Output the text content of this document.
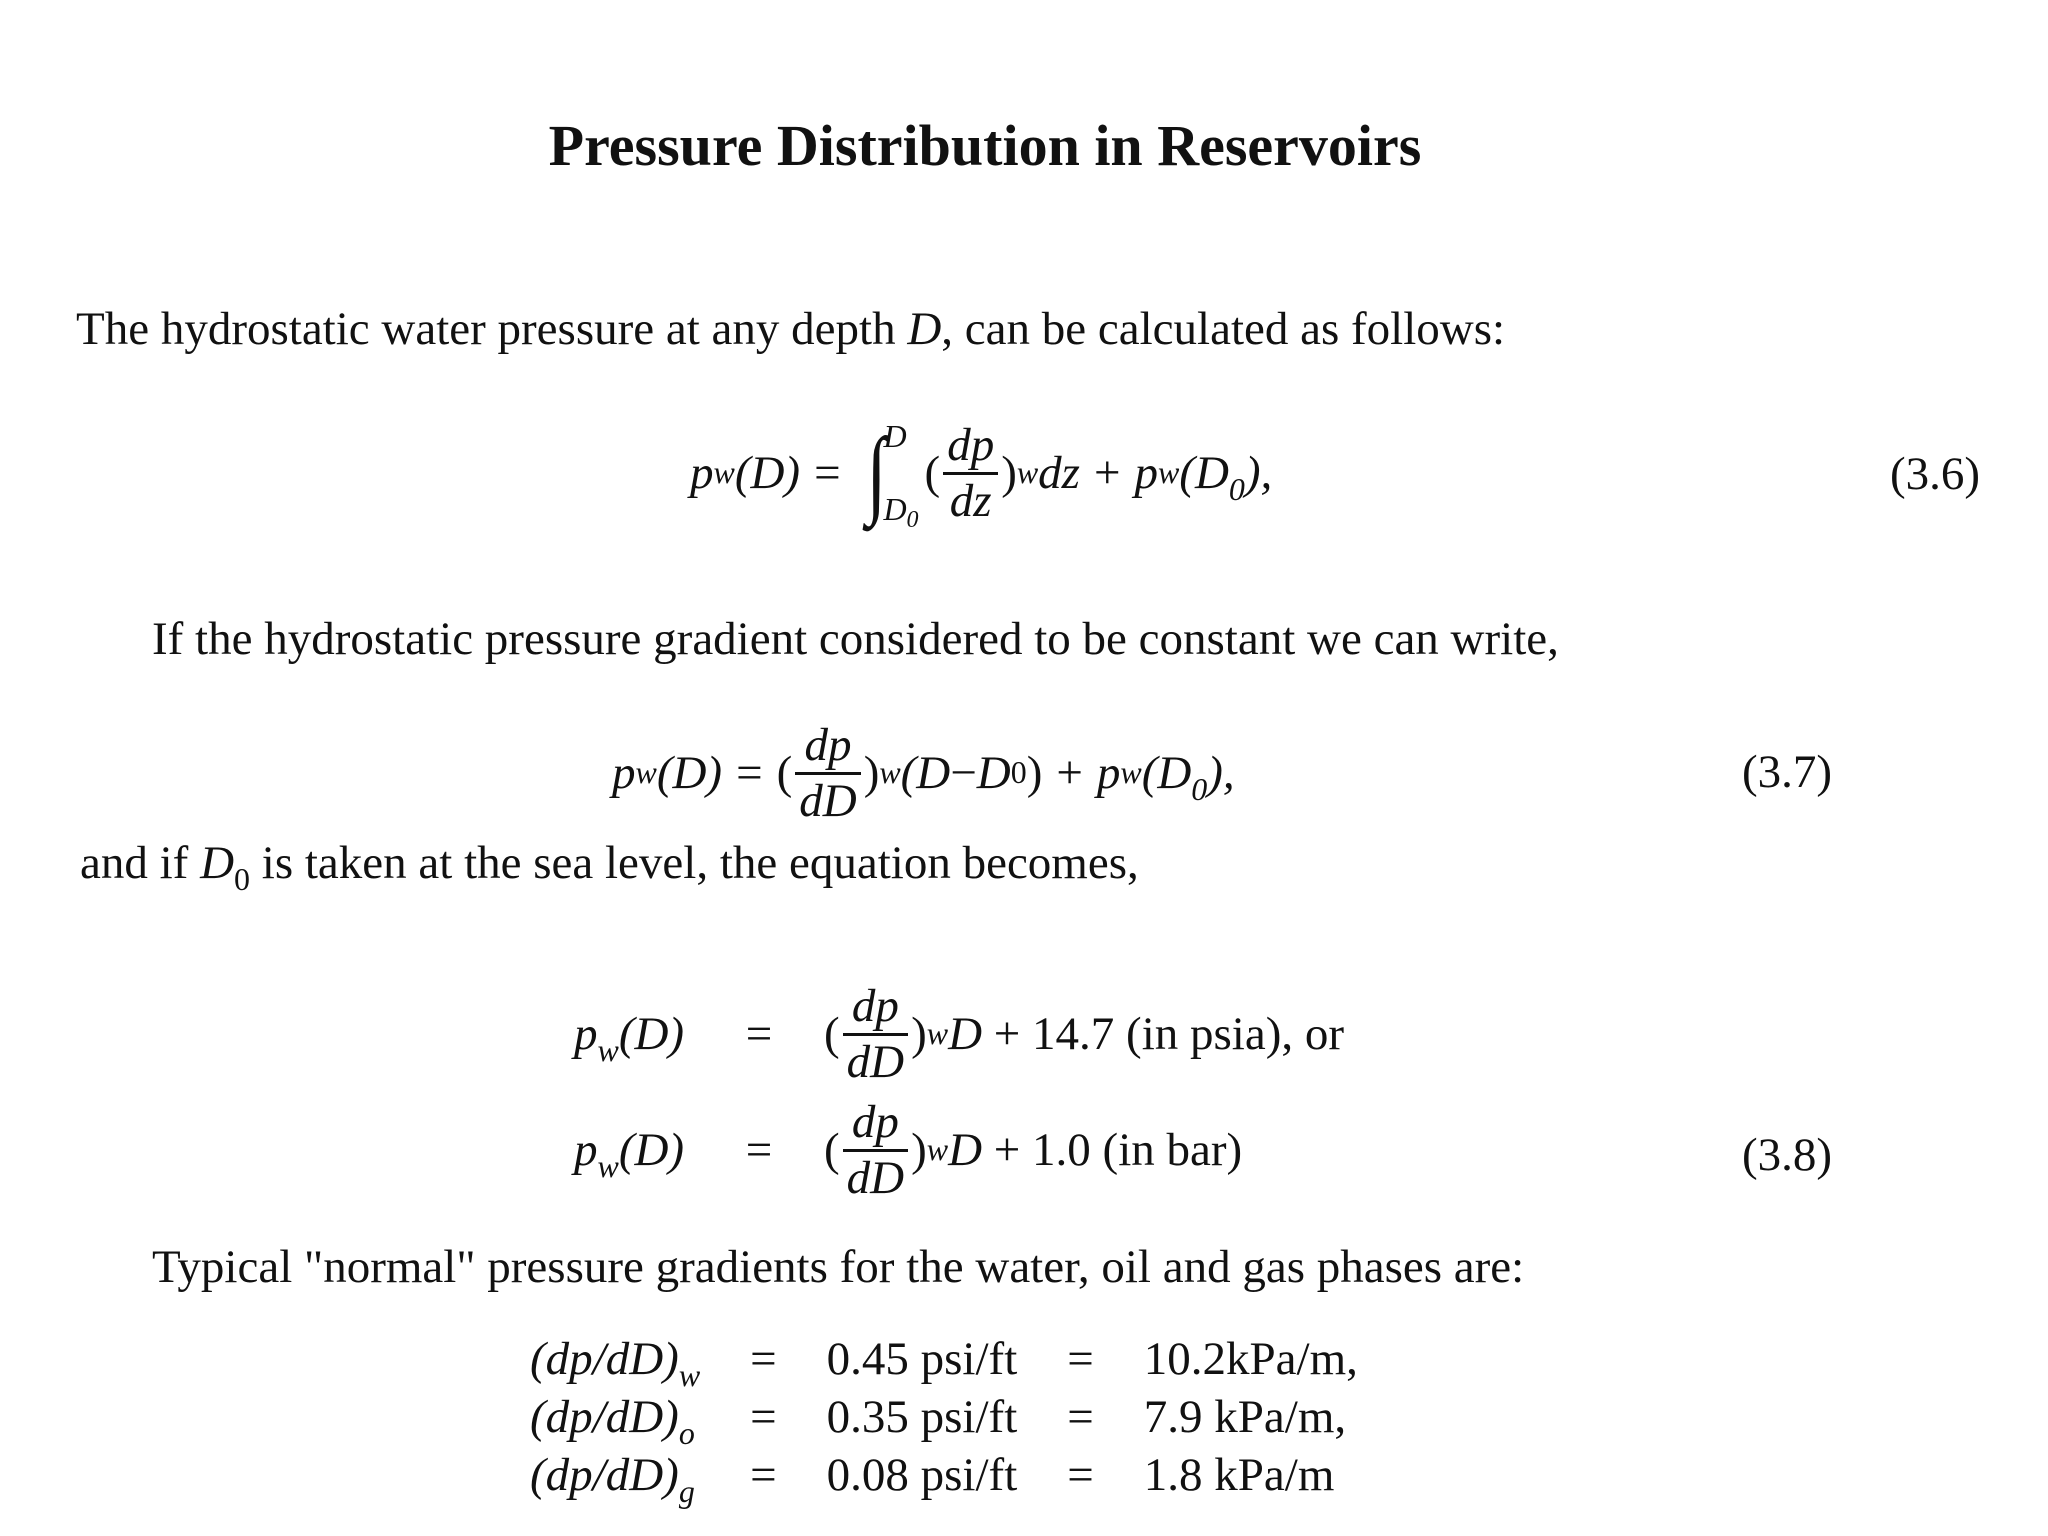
Pressure Distribution in Reservoirs
The hydrostatic water pressure at any depth D, can be calculated as follows:
p w (D) = ∫
D
$D_0$
( $\frac{dp}{dz}$ ) w dz + p w $(D_0)$,	(3.6)
If the hydrostatic pressure gradient considered to be constant we can write,
p w (D) = ( $\frac{dp}{dD}$ ) w (D − D 0 ) + p w $(D_0)$,	(3.7)
and if $D_0$ is taken at the sea level, the equation becomes,
$p_w(D)$	=	( $\frac{dp}{dD}$ ) w D + 14.7 (in psia), or
$p_w(D)$	=	( $\frac{dp}{dD}$ ) w D + 1.0 (in bar)	(3.8)
Typical "normal" pressure gradients for the water, oil and gas phases are:
$(dp/dD)_w$	=	0.45 psi/ft	=	10.2kPa/m,
$(dp/dD)_o$	=	0.35 psi/ft	=	7.9 kPa/m,
$(dp/dD)_g$	=	0.08 psi/ft	=	1.8 kPa/m
